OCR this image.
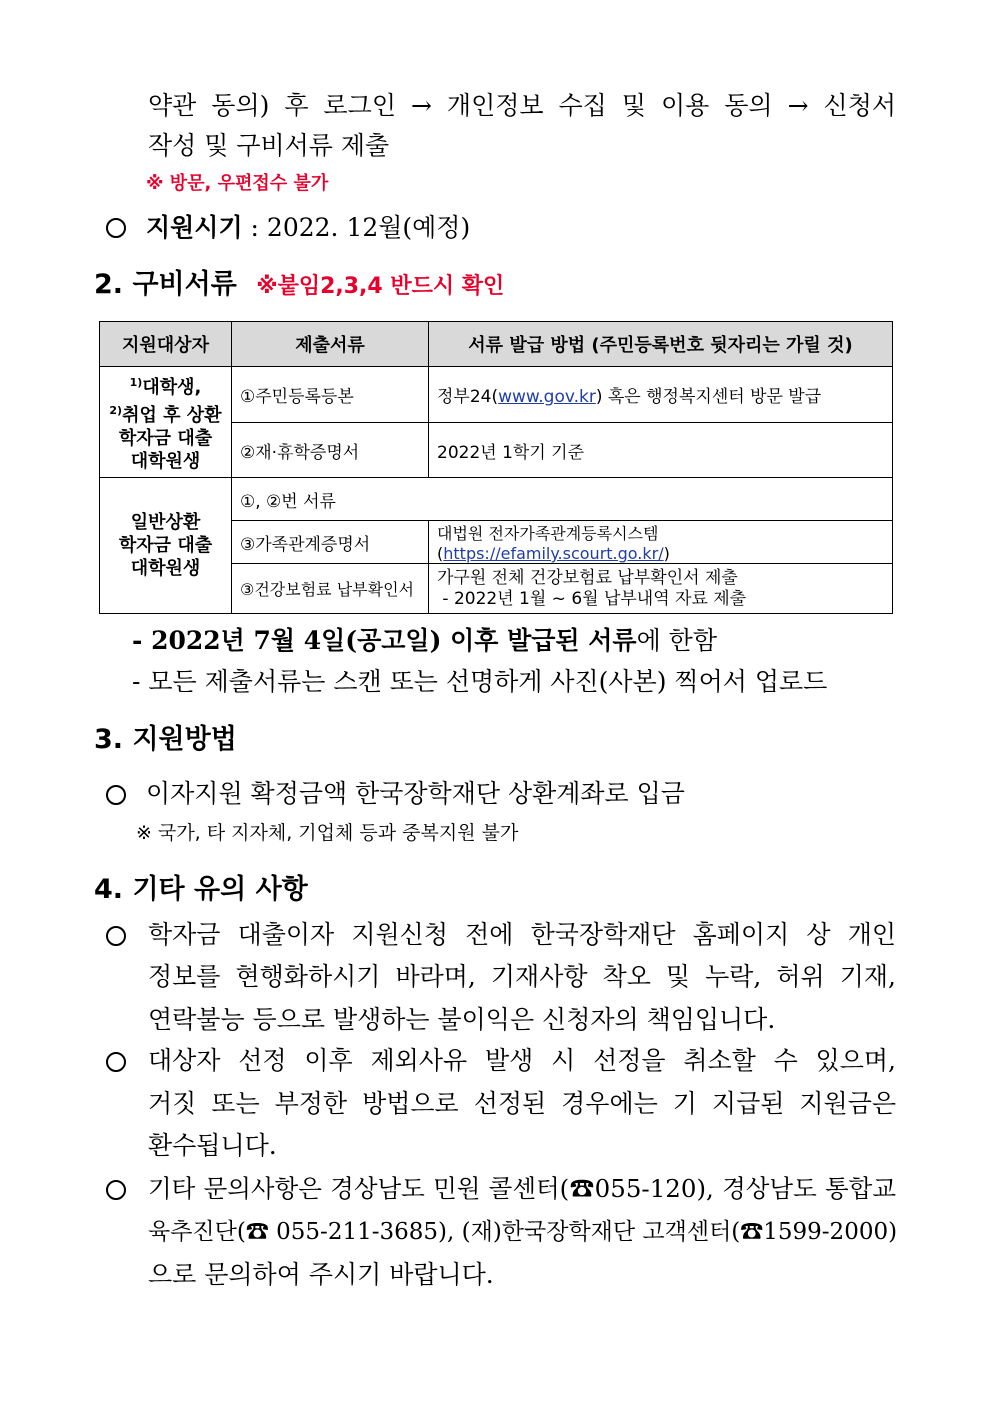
약관 동의) 후 로그인 → 개인정보 수집 및 이용 동의 → 신청서
작성 및 구비서류 제출
※ 방문, 우편접수 불가
지원시기 : 2022. 12월(예정)
2. 구비서류 ※붙임2,3,4 반드시 확인
지원대상자	제출서류	서류 발급 방법 (주민등록번호 뒷자리는 가릴 것)

$^{1)}$대학생,
$^{2)}$취업 후 상환
학자금 대출
대학원생	①주민등록등본	정부24(www.gov.kr) 혹은 행정복지센터 방문 발급
	②재·휴학증명서	2022년 1학기 기준

일반상환
학자금 대출
대학원생	①, ②번 서류	
	③가족관계증명서	대법원 전자가족관계등록시스템 (https://efamily.scourt.go.kr/)
	③건강보험료 납부확인서	가구원 전체 건강보험료 납부확인서 제출
- 2022년 1월 ~ 6월 납부내역 자료 제출
- 2022년 7월 4일(공고일) 이후 발급된 서류에 한함
- 모든 제출서류는 스캔 또는 선명하게 사진(사본) 찍어서 업로드
3. 지원방법
이자지원 확정금액 한국장학재단 상환계좌로 입금
※ 국가, 타 지자체, 기업체 등과 중복지원 불가
4. 기타 유의 사항
학자금 대출이자 지원신청 전에 한국장학재단 홈페이지 상 개인
정보를 현행화하시기 바라며, 기재사항 착오 및 누락, 허위 기재,
연락불능 등으로 발생하는 불이익은 신청자의 책임입니다.
대상자 선정 이후 제외사유 발생 시 선정을 취소할 수 있으며,
거짓 또는 부정한 방법으로 선정된 경우에는 기 지급된 지원금은
환수됩니다.
기타 문의사항은 경상남도 민원 콜센터(☎055-120), 경상남도 통합교
육추진단(☎ 055-211-3685), (재)한국장학재단 고객센터(☎1599-2000)
으로 문의하여 주시기 바랍니다.
